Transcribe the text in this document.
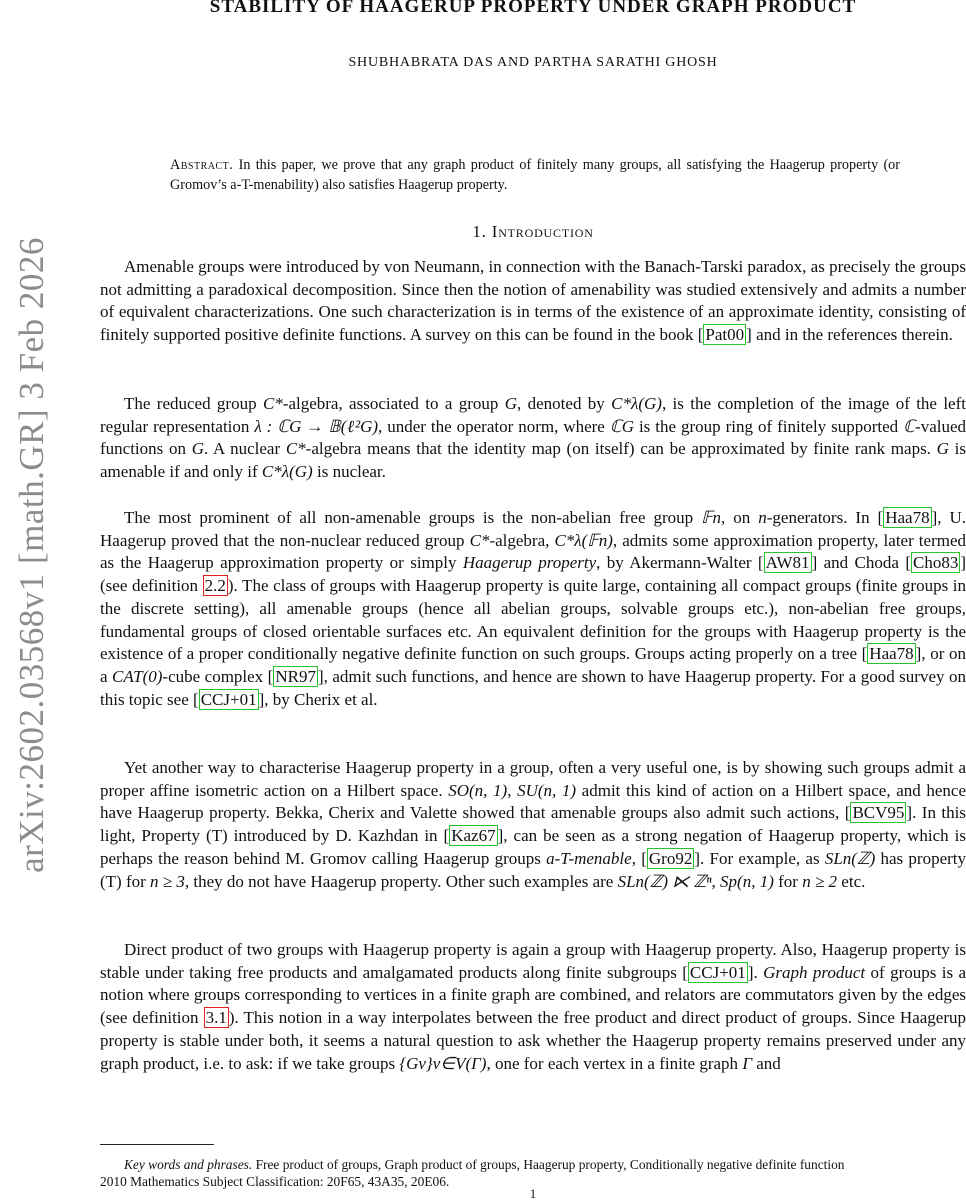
arXiv:2602.03568v1 [math.GR] 3 Feb 2026
STABILITY OF HAAGERUP PROPERTY UNDER GRAPH PRODUCT
SHUBHABRATA DAS AND PARTHA SARATHI GHOSH
Abstract. In this paper, we prove that any graph product of finitely many groups, all satisfying the Haagerup property (or Gromov’s a-T-menability) also satisfies Haagerup property.
1. Introduction

Amenable groups were introduced by von Neumann, in connection with the Banach-Tarski paradox, as precisely the groups not admitting a paradoxical decomposition. Since then the notion of amenability was studied extensively and admits a number of equivalent characterizations. One such characterization is in terms of the existence of an approximate identity, consisting of finitely supported positive definite functions. A survey on this can be found in the book [ Pat00 ] and in the references therein.

The reduced group C*-algebra, associated to a group G, denoted by C*λ(G), is the completion of the image of the left regular representation λ : ℂG → 𝔹(ℓ²G), under the operator norm, where ℂG is the group ring of finitely supported ℂ-valued functions on G. A nuclear C*-algebra means that the identity map (on itself) can be approximated by finite rank maps. G is amenable if and only if C*λ(G) is nuclear.

The most prominent of all non-amenable groups is the non-abelian free group 𝔽n, on n-generators. In [ Haa78 ], U. Haagerup proved that the non-nuclear reduced group C*-algebra, C*λ(𝔽n), admits some approximation property, later termed as the Haagerup approximation property or simply Haagerup property, by Akermann-Walter [ AW81 ] and Choda [ Cho83 ] (see definition 2.2 ). The class of groups with Haagerup property is quite large, containing all compact groups (finite groups in the discrete setting), all amenable groups (hence all abelian groups, solvable groups etc.), non-abelian free groups, fundamental groups of closed orientable surfaces etc. An equivalent definition for the groups with Haagerup property is the existence of a proper conditionally negative definite function on such groups. Groups acting properly on a tree [ Haa78 ], or on a CAT(0)-cube complex [ NR97 ], admit such functions, and hence are shown to have Haagerup property. For a good survey on this topic see [ CCJ+01 ], by Cherix et al.

Yet another way to characterise Haagerup property in a group, often a very useful one, is by showing such groups admit a proper affine isometric action on a Hilbert space. SO(n, 1), SU(n, 1) admit this kind of action on a Hilbert space, and hence have Haagerup property. Bekka, Cherix and Valette showed that amenable groups also admit such actions, [ BCV95 ]. In this light, Property (T) introduced by D. Kazhdan in [ Kaz67 ], can be seen as a strong negation of Haagerup property, which is perhaps the reason behind M. Gromov calling Haagerup groups a-T-menable, [ Gro92 ]. For example, as SLn(ℤ) has property (T) for n ≥ 3, they do not have Haagerup property. Other such examples are SLn(ℤ) ⋉ ℤⁿ, Sp(n, 1) for n ≥ 2 etc.

Direct product of two groups with Haagerup property is again a group with Haagerup property. Also, Haagerup property is stable under taking free products and amalgamated products along finite subgroups [ CCJ+01 ]. Graph product of groups is a notion where groups corresponding to vertices in a finite graph are combined, and relators are commutators given by the edges (see definition 3.1 ). This notion in a way interpolates between the free product and direct product of groups. Since Haagerup property is stable under both, it seems a natural question to ask whether the Haagerup property remains preserved under any graph product, i.e. to ask: if we take groups {Gv}v∈V(Γ), one for each vertex in a finite graph Γ and

Key words and phrases. Free product of groups, Graph product of groups, Haagerup property, Conditionally negative definite function
2010 Mathematics Subject Classification: 20F65, 43A35, 20E06.
1
